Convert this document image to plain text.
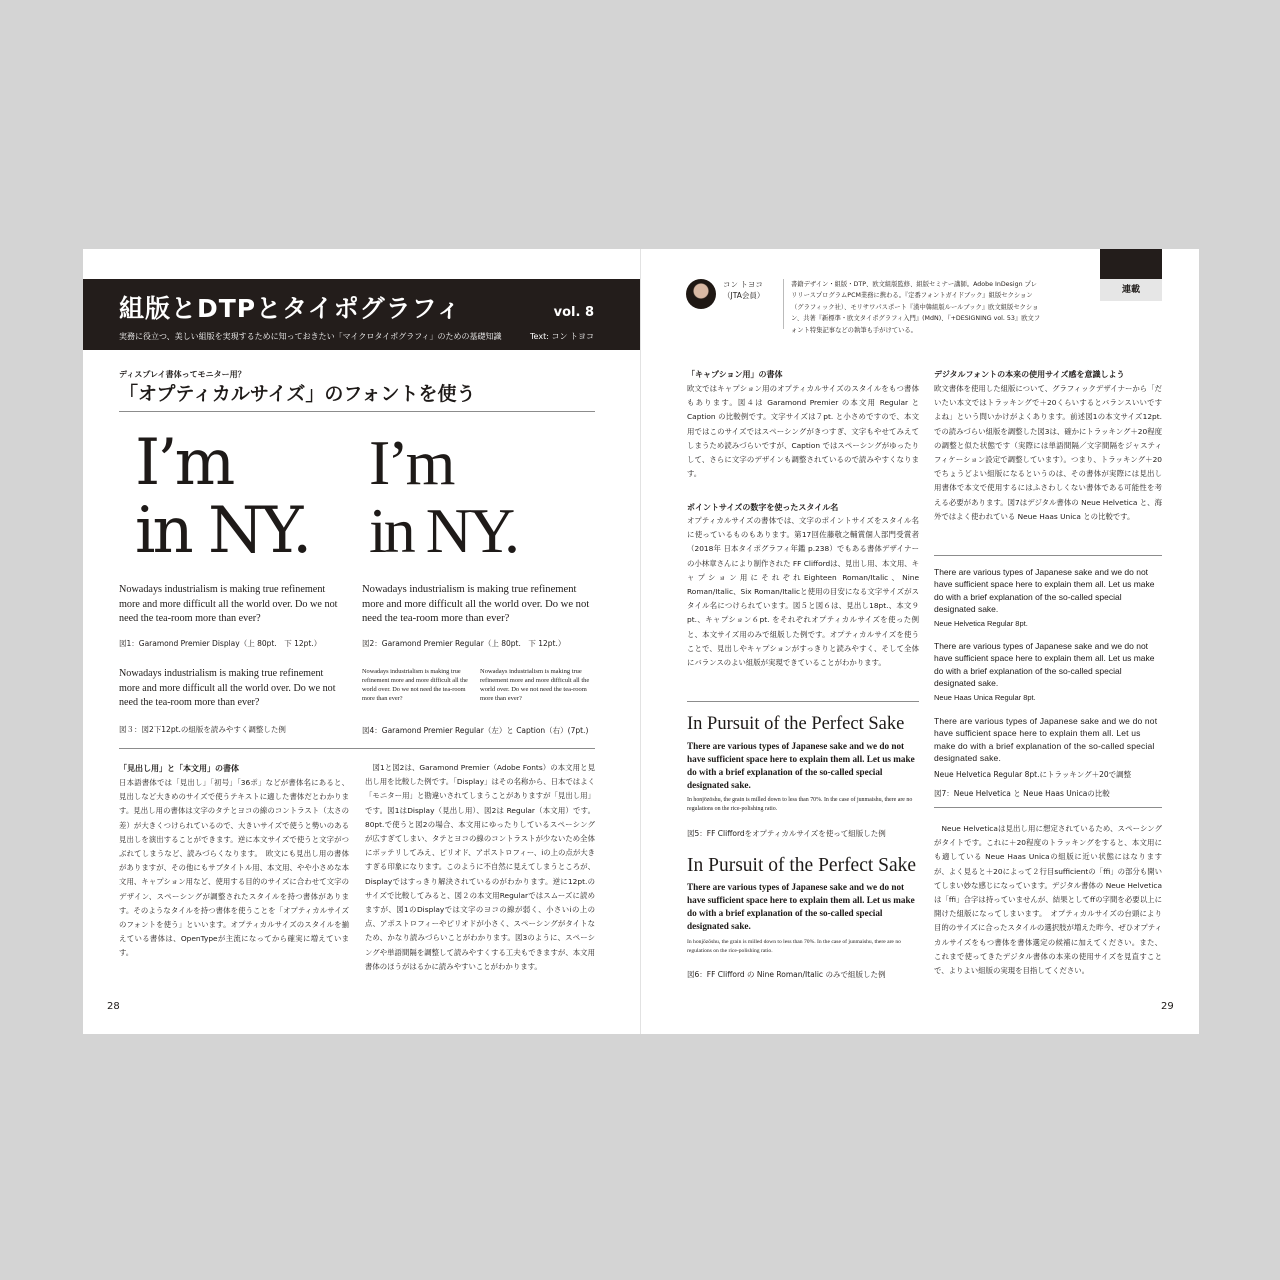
組版とDTPとタイポグラフィ	vol. 8
実務に役立つ、美しい組版を実現するために知っておきたい「マイクロタイポグラフィ」のための基礎知識	Text: コン トヨコ
ディスプレイ書体ってモニター用？
「オプティカルサイズ」のフォントを使う
I’m
in NY.
I’m
in NY.
Nowadays industrialism is making true refinement more and more difficult all the world over. Do we not need the tea-room more than ever?
Nowadays industrialism is making true refinement more and more difficult all the world over. Do we not need the tea-room more than ever?
図1：Garamond Premier Display（上 80pt.　下 12pt.）	図2：Garamond Premier Regular（上 80pt.　下 12pt.）
Nowadays industrialism is making true refinement more and more difficult all the world over. Do we not need the tea-room more than ever?
Nowadays industrialism is making true refinement more and more difficult all the world over. Do we not need the tea-room more than ever?
Nowadays industrialism is making true refinement more and more difficult all the world over. Do we not need the tea-room more than ever?
図３：図2下12pt.の組版を読みやすく調整した例	図4：Garamond Premier Regular（左）と Caption（右）(7pt.)
「見出し用」と「本文用」の書体
日本語書体では「見出し」「初号」「36ポ」などが書体名にあると、見出しなど大きめのサイズで使うテキストに適した書体だとわかります。見出し用の書体は文字のタテとヨコの線のコントラスト（太さの差）が大きくつけられているので、大きいサイズで使うと勢いのある見出しを演出することができます。逆に本文サイズで使うと文字がつぶれてしまうなど、読みづらくなります。　欧文にも見出し用の書体がありますが、その他にもサブタイトル用、本文用、やや小さめな本文用、キャプション用など、使用する目的のサイズに合わせて文字のデザイン、スペーシングが調整されたスタイルを持つ書体があります。そのようなタイルを持つ書体を使うことを「オプティカルサイズのフォントを使う」といいます。オプティカルサイズのスタイルを揃えている書体は、OpenTypeが主流になってから確実に増えています。
　図1と図2は、Garamond Premier（Adobe Fonts）の本文用と見出し用を比較した例です。「Display」はその名称から、日本ではよく「モニター用」と勘違いされてしまうことがありますが「見出し用」です。図1はDisplay（見出し用）、図2は Regular（本文用）です。80pt.で使うと図2の場合、本文用にゆったりしているスペーシングが広すぎてしまい、タテとヨコの線のコントラストが少ないため全体にボッテリしてみえ、ピリオド、アポストロフィー、iの上の点が大きすぎる印象になります。このように不自然に見えてしまうところが、Displayではすっきり解決されているのがわかります。逆に12pt.のサイズで比較してみると、図２の本文用Regularではスムーズに読めますが、図1のDisplayでは文字のヨコの線が弱く、小さいiの上の点、アポストロフィーやピリオドが小さく、スペーシングがタイトなため、かなり読みづらいことがわかります。図3のように、スペーシングや単語間隔を調整して読みやすくする工夫もできますが、本文用書体のほうがはるかに読みやすいことがわかります。
28
コン トヨコ
（JTA会員）
書籍デザイン・組版・DTP、欧文組版監修、組版セミナー講師。Adobe InDesign プレリリースプログラムPCM業務に携わる。『定番フォントガイドブック』組版セクション（グラフィック社）、モリサワパスポート『漢中韓組版ルールブック』欧文組版セクション、共著『新標準・欧文タイポグラフィ入門』(MdN)、『+DESIGNING vol. 53』欧文フォント特集記事などの執筆も手がけている。
連載
「キャプション用」の書体
欧文ではキャプション用のオプティカルサイズのスタイルをもつ書体もあります。図４は Garamond Premier の本文用 Regular と Caption の比較例です。文字サイズは７pt. と小さめですので、本文用ではこのサイズではスペーシングがきつすぎ、文字もやせてみえてしまうため読みづらいですが、Caption ではスペーシングがゆったりして、さらに文字のデザインも調整されているので読みやすくなります。
ポイントサイズの数字を使ったスタイル名
オプティカルサイズの書体では、文字のポイントサイズをスタイル名に使っているものもあります。第17回佐藤敬之輔賞個人部門受賞者（2018年 日本タイポグラフィ年鑑 p.238）でもある書体デザイナーの小林章さんにより制作された FF Cliffordは、見出し用、本文用、キャプション用にそれぞれEighteen Roman/Italic、Nine Roman/Italic、Six Roman/Italicと使用の目安になる文字サイズがスタイル名につけられています。図５と図６は、見出し18pt.、本文９pt.、キャプション６pt. をそれぞれオプティカルサイズを使った例と、本文サイズ用のみで組版した例です。オプティカルサイズを使うことで、見出しやキャプションがすっきりと読みやすく、そして全体にバランスのよい組版が実現できていることがわかります。
In Pursuit of the Perfect Sake
There are various types of Japanese sake and we do not have sufficient space here to explain them all. Let us make do with a brief explanation of the so-called special designated sake.
In honjōzōshu, the grain is milled down to less than 70%. In the case of junmaishu, there are no regulations on the rice-polishing ratio.
図5：FF Cliffordをオプティカルサイズを使って組版した例
In Pursuit of the Perfect Sake
There are various types of Japanese sake and we do not have sufficient space here to explain them all. Let us make do with a brief explanation of the so-called special designated sake.
In honjōzōshu, the grain is milled down to less than 70%. In the case of junmaishu, there are no regulations on the rice-polishing ratio.
図6：FF Clifford の Nine Roman/Italic のみで組版した例
デジタルフォントの本来の使用サイズ感を意識しよう
欧文書体を使用した組版について、グラフィックデザイナーから「だいたい本文ではトラッキングで＋20くらいするとバランスいいですよね」という問いかけがよくあります。前述図1の本文サイズ12pt.での読みづらい組版を調整した図3は、確かにトラッキング＋20程度の調整と似た状態です（実際には単語間隔／文字間隔をジャスティフィケーション設定で調整しています）。つまり、トラッキング＋20でちょうどよい組版になるというのは、その書体が実際には見出し用書体で本文で使用するにはふさわしくない書体である可能性を考える必要があります。図7はデジタル書体の Neue Helvetica と、海外ではよく使われている Neue Haas Unica との比較です。
There are various types of Japanese sake and we do not have sufficient space here to explain them all. Let us make do with a brief explanation of the so-called special designated sake.
Neue Helvetica Regular 8pt.
There are various types of Japanese sake and we do not have sufficient space here to explain them all. Let us make do with a brief explanation of the so-called special designated sake.
Neue Haas Unica Regular 8pt.
There are various types of Japanese sake and we do not have sufficient space here to explain them all. Let us make do with a brief explanation of the so-called special designated sake.
Neue Helvetica Regular 8pt.にトラッキング＋20で調整
図7：Neue Helvetica と Neue Haas Unicaの比較
　Neue Helveticaは見出し用に想定されているため、スペーシングがタイトです。これに＋20程度のトラッキングをすると、本文用にも適している Neue Haas Unicaの組版に近い状態にはなりますが、よく見ると＋20によって２行目sufficientの「ffi」の部分も開いてしまい妙な感じになっています。デジタル書体の Neue Helvetica は「ffi」合字は持っていませんが、結果としてffの字間を必要以上に開けた組版になってしまいます。　オプティカルサイズの台頭により目的のサイズに合ったスタイルの選択肢が増えた昨今、ぜひオプティカルサイズをもつ書体を書体選定の候補に加えてください。また、これまで使ってきたデジタル書体の本来の使用サイズを見直すことで、よりよい組版の実現を目指してください。
29
